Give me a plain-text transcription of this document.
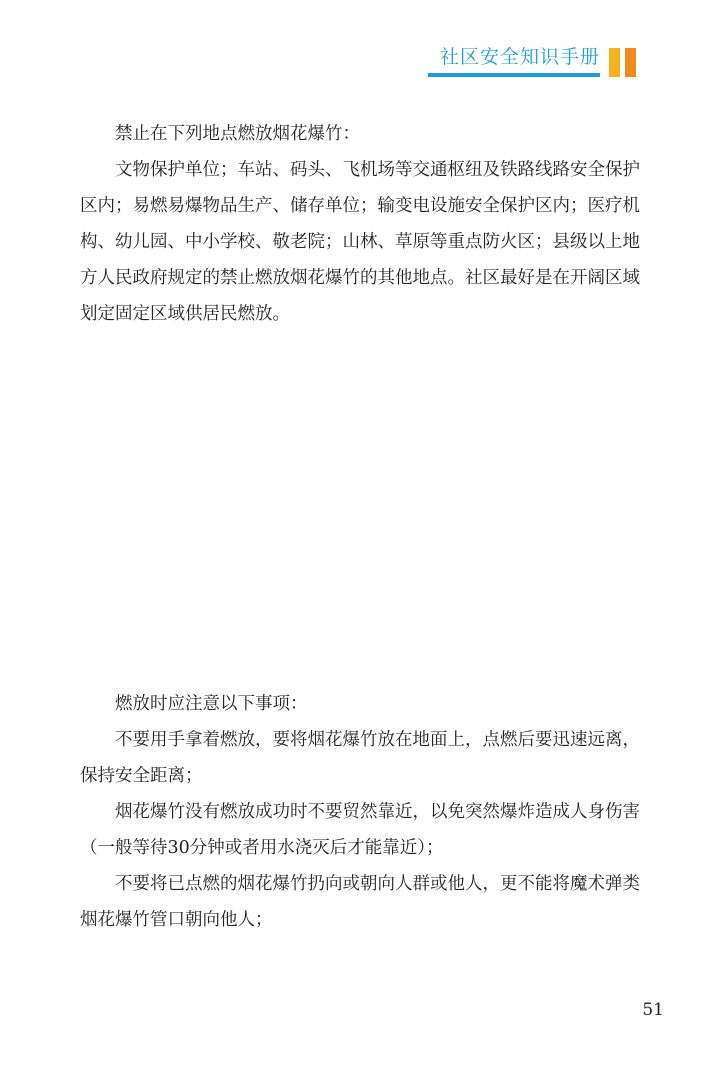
社区安全知识手册

禁止在下列地点燃放烟花爆竹：

文物保护单位；车站、码头、飞机场等交通枢纽及铁路线路安全保护区内；易燃易爆物品生产、储存单位；输变电设施安全保护区内；医疗机构、幼儿园、中小学校、敬老院；山林、草原等重点防火区；县级以上地方人民政府规定的禁止燃放烟花爆竹的其他地点。社区最好是在开阔区域划定固定区域供居民燃放。

燃放时应注意以下事项：

不要用手拿着燃放，要将烟花爆竹放在地面上，点燃后要迅速远离，保持安全距离；

烟花爆竹没有燃放成功时不要贸然靠近，以免突然爆炸造成人身伤害（一般等待30分钟或者用水浇灭后才能靠近）；

不要将已点燃的烟花爆竹扔向或朝向人群或他人，更不能将魔术弹类烟花爆竹管口朝向他人；

51
